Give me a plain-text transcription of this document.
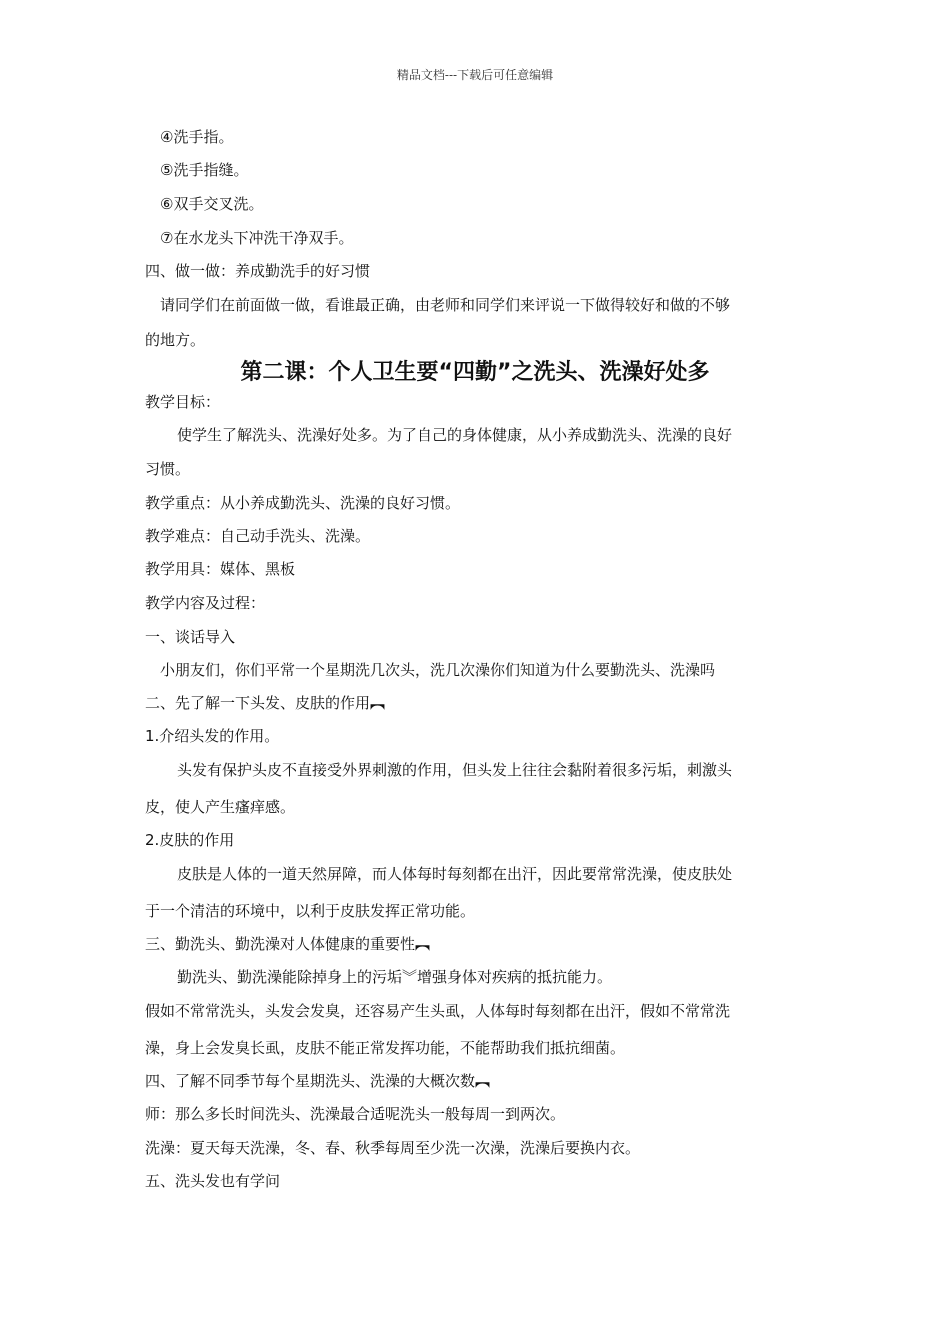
精品文档---下载后可任意编辑
④洗手指。
⑤洗手指缝。
⑥双手交叉洗。
⑦在水龙头下冲洗干净双手。
四、做一做：养成勤洗手的好习惯
请同学们在前面做一做，看谁最正确，由老师和同学们来评说一下做得较好和做的不够
的地方。
第二课：个人卫生要“四勤”之洗头、洗澡好处多
教学目标：
使学生了解洗头、洗澡好处多。为了自己的身体健康，从小养成勤洗头、洗澡的良好
习惯。
教学重点：从小养成勤洗头、洗澡的良好习惯。
教学难点：自己动手洗头、洗澡。
教学用具：媒体、黑板
教学内容及过程：
一、谈话导入
小朋友们，你们平常一个星期洗几次头，洗几次澡你们知道为什么要勤洗头、洗澡吗
二、先了解一下头发、皮肤的作用︻
1.介绍头发的作用。
头发有保护头皮不直接受外界刺激的作用，但头发上往往会黏附着很多污垢，刺激头
皮，使人产生瘙痒感。
2.皮肤的作用
皮肤是人体的一道天然屏障，而人体每时每刻都在出汗，因此要常常洗澡，使皮肤处
于一个清洁的环境中，以利于皮肤发挥正常功能。
三、勤洗头、勤洗澡对人体健康的重要性︻
勤洗头、勤洗澡能除掉身上的污垢︾增强身体对疾病的抵抗能力。
假如不常常洗头，头发会发臭，还容易产生头虱，人体每时每刻都在出汗，假如不常常洗
澡，身上会发臭长虱，皮肤不能正常发挥功能，不能帮助我们抵抗细菌。
四、了解不同季节每个星期洗头、洗澡的大概次数︻
师：那么多长时间洗头、洗澡最合适呢洗头一般每周一到两次。
洗澡：夏天每天洗澡，冬、春、秋季每周至少洗一次澡，洗澡后要换内衣。
五、洗头发也有学问
